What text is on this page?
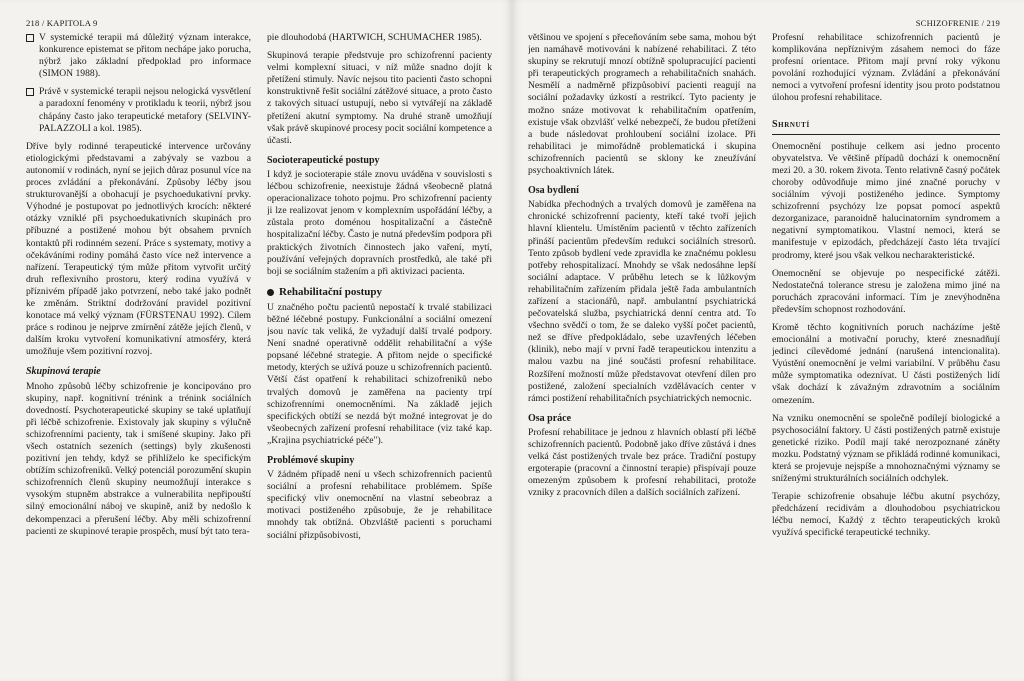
218 / KAPITOLA 9
V systemické terapii má důležitý význam interakce, konkurence epistemat se přitom nechápe jako porucha, nýbrž jako základní předpoklad pro informace (SIMON 1988).
Právě v systemické terapii nejsou nelogická vysvětlení a paradoxní fenomény v protikladu k teorii, nýbrž jsou chápány často jako terapeutické metafory (SELVINY-PALAZZOLI a kol. 1985).

Dříve byly rodinné terapeutické intervence určovány etiologickými představami a zabývaly se vazbou a autonomií v rodinách, nyní se jejich důraz posunul více na proces zvládání a překonávání. Způsoby léčby jsou strukturovanější a obohacují je psychoedukativní prvky. Výhodné je postupovat po jednotlivých krocích: některé otázky vzniklé při psychoedukativních skupinách pro příbuzné a postižené mohou být obsahem prvních kontaktů při rodinném sezení. Práce s systematy, motivy a očekáváními rodiny pomáhá často více než intervence a nařízení. Terapeutický tým může přitom vytvořit určitý druh reflexivního prostoru, který rodina využívá v příznivém případě jako potvrzení, nebo také jako podnět ke změnám. Striktní dodržování pravidel pozitivní konotace má velký význam (FÜRSTENAU 1992). Cílem práce s rodinou je nejprve zmírnění zátěže jejích členů, v dalším kroku vytvoření komunikativní atmosféry, která umožňuje všem pozitivní rozvoj.

Skupinová terapie

Mnoho způsobů léčby schizofrenie je koncipováno pro skupiny, např. kognitivní trénink a trénink sociálních dovedností. Psychoterapeutické skupiny se také uplatňují při léčbě schizofrenie. Existovaly jak skupiny s výlučně schizofrenními pacienty, tak i smíšené skupiny. Jako při všech ostatních sezeních (settings) byly zkušenosti pozitivní jen tehdy, když se přihlíželo ke specifickým obtížím schizofreniků. Velký potenciál porozumění skupin schizofrenních členů skupiny neumožňují interakce s vysokým stupněm abstrakce a vulnerabilita nepřipouští silný emocionální náboj ve skupině, aniž by nedošlo k dekompenzaci a přerušení léčby. Aby měli schizofrenní pacienti ze skupinové terapie prospěch, musí být tato tera-

pie dlouhodobá (HARTWICH, SCHUMACHER 1985).

Skupinová terapie předstvuje pro schizofrenní pacienty velmi komplexní situaci, v níž může snadno dojít k přetížení stimuly. Navíc nejsou tito pacienti často schopni konstruktivně řešit sociální zátěžové situace, a proto často z takových situací ustupují, nebo si vytvářejí na základě přetížení akutní symptomy. Na druhé straně umožňují však právě skupinové procesy pocit sociální kompetence a účasti.

Socioterapeutické postupy

I když je socioterapie stále znovu uváděna v souvislosti s léčbou schizofrenie, neexistuje žádná všeobecně platná operacionalizace tohoto pojmu. Pro schizofrenní pacienty ji lze realizovat jenom v komplexním uspořádání léčby, a zůstala proto doménou hospitalizační a částečně hospitalizační léčby. Často je nutná především podpora při praktických životních činnostech jako vaření, mytí, používání veřejných dopravních prostředků, ale také při boji se sociálním stažením a při aktivizaci pacienta.

Rehabilitační postupy

U značného počtu pacientů nepostačí k trvalé stabilizaci běžné léčebné postupy. Funkcionální a sociální omezení jsou navíc tak veliká, že vyžadují další trvalé podpory. Není snadné operativně oddělit rehabilitační a výše popsané léčebné strategie. A přitom nejde o specifické metody, kterých se užívá pouze u schizofrenních pacientů. Větší část opatření k rehabilitaci schizofreniků nebo trvalých domovů je zaměřena na pacienty trpí schizofrenními onemocněními. Na základě jejich specifických obtíží se nezdá být možné integrovat je do všeobecných zařízení profesní rehabilitace (viz také kap. „Krajina psychiatrické péče").

Problémové skupiny

V žádném případě není u všech schizofrenních pacientů sociální a profesní rehabilitace problémem. Spíše specifický vliv onemocnění na vlastní sebeobraz a motivaci postiženého způsobuje, že je rehabilitace mnohdy tak obtížná. Obzvláště pacienti s poruchami sociální přizpůsobivosti,

SCHIZOFRENIE / 219

většinou ve spojení s přeceňováním sebe sama, mohou být jen namáhavě motivováni k nabízené rehabilitaci. Z této skupiny se rekrutují mnozí obtížně spolupracující pacienti při terapeutických programech a rehabilitačních snahách. Nesmělí a nadměrně přizpůsobiví pacienti reagují na sociální požadavky úzkostí a restrikcí. Tyto pacienty je možno snáze motivovat k rehabilitačním opatřením, existuje však obzvlášť velké nebezpečí, že budou přetíženi a bude následovat prohloubení sociální izolace. Při rehabilitaci je mimořádně problematická i skupina schizofrenních pacientů se sklony ke zneužívání psychoaktivních látek.

Osa bydlení

Nabídka přechodných a trvalých domovů je zaměřena na chronické schizofrenní pacienty, kteří také tvoří jejich hlavní klientelu. Umístěním pacientů v těchto zařízeních přináší pacientům především redukci sociálních stresorů. Tento způsob bydlení vede zpravidla ke značnému poklesu potřeby rehospitalizací. Mnohdy se však nedosáhne lepší sociální adaptace. V průběhu letech se k lůžkovým rehabilitačním zařízením přidala ještě řada ambulantních zařízení a stacionářů, např. ambulantní psychiatrická pečovatelská služba, psychiatrická denní centra atd. To všechno svědčí o tom, že se daleko vyšší počet pacientů, než se dříve předpokládalo, sebe uzavřených léčeben (klinik), nebo mají v první řadě terapeutickou intenzitu a malou vazbu na jiné součásti profesní rehabilitace. Rozšíření možností může představovat otevření dílen pro postižené, založení specialních vzdělávacích center v rámci postižení rehabilitačních psychiatrických nemocnic.

Osa práce

Profesní rehabilitace je jednou z hlavních oblastí při léčbě schizofrenních pacientů. Podobně jako dříve zůstává i dnes velká část postižených trvale bez práce. Tradiční postupy ergoterapie (pracovní a činnostní terapie) přispívají pouze omezeným způsobem k profesní rehabilitaci, protože vzniky z pracovních dílen a dalších sociálních zařízení.

Profesní rehabilitace schizofrenních pacientů je komplikována nepříznivým zásahem nemoci do fáze profesní orientace. Přitom mají první roky výkonu povolání rozhodující význam. Zvládání a překonávání nemoci a vytvoření profesní identity jsou proto podstatnou úlohou profesní rehabilitace.

Shrnutí

Onemocnění postihuje celkem asi jedno procento obyvatelstva. Ve většině případů dochází k onemocnění mezi 20. a 30. rokem života. Tento relativně časný počátek choroby odůvodňuje mimo jiné značné poruchy v sociálním vývoji postiženého jedince. Symptomy schizofrenní psychózy lze popsat pomocí aspektů dezorganizace, paranoidně halucinatorním syndromem a negativní symptomatikou. Vlastní nemoci, která se manifestuje v epizodách, předcházejí často léta trvající prodromy, které jsou však velkou necharakteristické.

Onemocnění se objevuje po nespecifické zátěži. Nedostatečná tolerance stresu je založena mimo jiné na poruchách zpracování informací. Tím je znevýhodněna především schopnost rozhodování.

Kromě těchto kognitivních poruch nacházíme ještě emocionální a motivační poruchy, které znesnadňují jedinci cílevědomé jednání (narušená intencionalita). Vyústění onemocnění je velmi variabilní. V průběhu času může symptomatika odeznívat. U části postižených lidí však dochází k závažným zdravotním a sociálním omezením.

Na vzniku onemocnění se společně podílejí biologické a psychosociální faktory. U části postižených patrně existuje genetické riziko. Podíl mají také nerozpoznané záněty mozku. Podstatný význam se přikládá rodinné komunikaci, která se projevuje nejspíše a mnohoznačnými významy se sníženými strukturálních sociálních odchylek.

Terapie schizofrenie obsahuje léčbu akutní psychózy, předcházení recidivám a dlouhodobou psychiatrickou léčbu nemocí, Každý z těchto terapeutických kroků využívá specifické terapeutické techniky.
